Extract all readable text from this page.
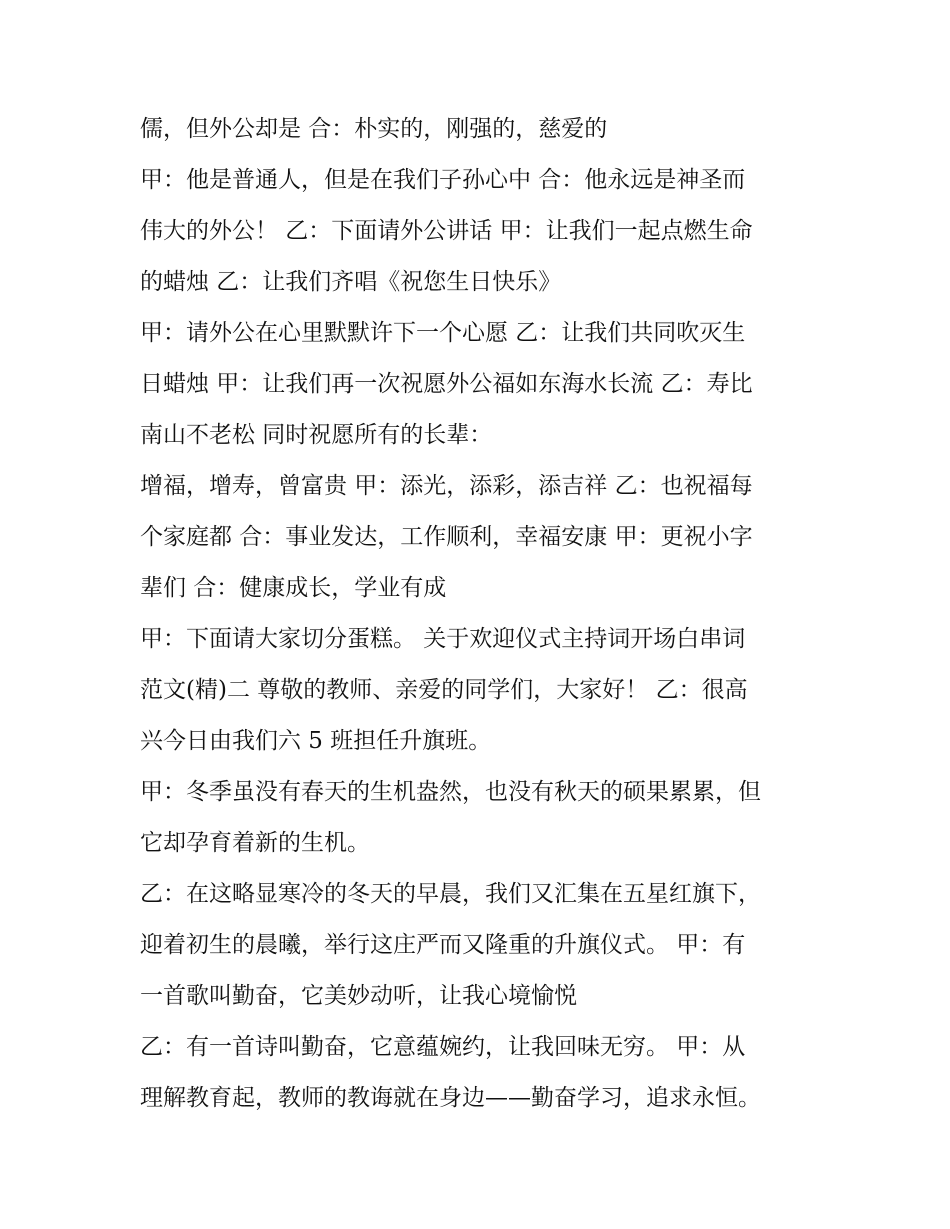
儒，但外公却是 合：朴实的，刚强的，慈爱的
甲：他是普通人，但是在我们子孙心中 合：他永远是神圣而
伟大的外公！ 乙：下面请外公讲话 甲：让我们一起点燃生命
的蜡烛 乙：让我们齐唱《祝您生日快乐》
甲：请外公在心里默默许下一个心愿 乙：让我们共同吹灭生
日蜡烛 甲：让我们再一次祝愿外公福如东海水长流 乙：寿比
南山不老松 同时祝愿所有的长辈：
增福，增寿，曾富贵 甲：添光，添彩，添吉祥 乙：也祝福每
个家庭都 合：事业发达，工作顺利，幸福安康 甲：更祝小字
辈们 合：健康成长，学业有成
甲：下面请大家切分蛋糕。 关于欢迎仪式主持词开场白串词
范文(精)二 尊敬的教师、亲爱的同学们，大家好！ 乙：很高
兴今日由我们六 5 班担任升旗班。
甲：冬季虽没有春天的生机盎然，也没有秋天的硕果累累，但
它却孕育着新的生机。
乙：在这略显寒冷的冬天的早晨，我们又汇集在五星红旗下，
迎着初生的晨曦，举行这庄严而又隆重的升旗仪式。 甲：有
一首歌叫勤奋，它美妙动听，让我心境愉悦
乙：有一首诗叫勤奋，它意蕴婉约，让我回味无穷。 甲：从
理解教育起，教师的教诲就在身边——勤奋学习，追求永恒。
